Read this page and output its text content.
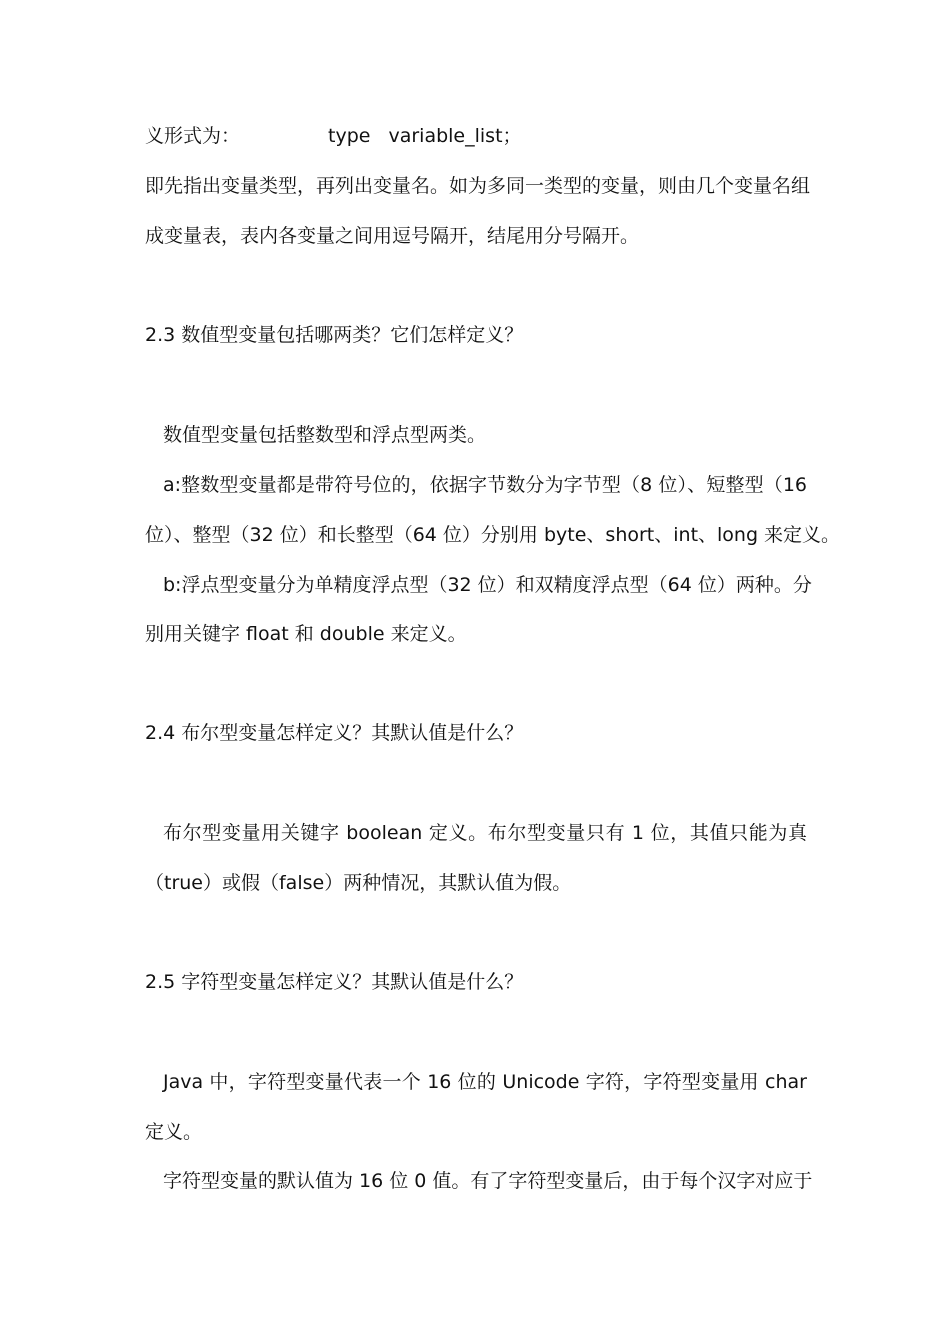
义形式为：	type variable_list；
即先指出变量类型，再列出变量名。如为多同一类型的变量，则由几个变量名组
成变量表，表内各变量之间用逗号隔开，结尾用分号隔开。
2.3 数值型变量包括哪两类？它们怎样定义？
数值型变量包括整数型和浮点型两类。
a:整数型变量都是带符号位的，依据字节数分为字节型（8 位）、短整型（16
位）、整型（32 位）和长整型（64 位）分别用 byte、short、int、long 来定义。
b:浮点型变量分为单精度浮点型（32 位）和双精度浮点型（64 位）两种。分
别用关键字 float 和 double 来定义。
2.4 布尔型变量怎样定义？其默认值是什么？
布尔型变量用关键字 boolean 定义。布尔型变量只有 1 位，其值只能为真
（true）或假（false）两种情况，其默认值为假。
2.5 字符型变量怎样定义？其默认值是什么？
Java 中，字符型变量代表一个 16 位的 Unicode 字符，字符型变量用 char
定义。
字符型变量的默认值为 16 位 0 值。有了字符型变量后，由于每个汉字对应于
